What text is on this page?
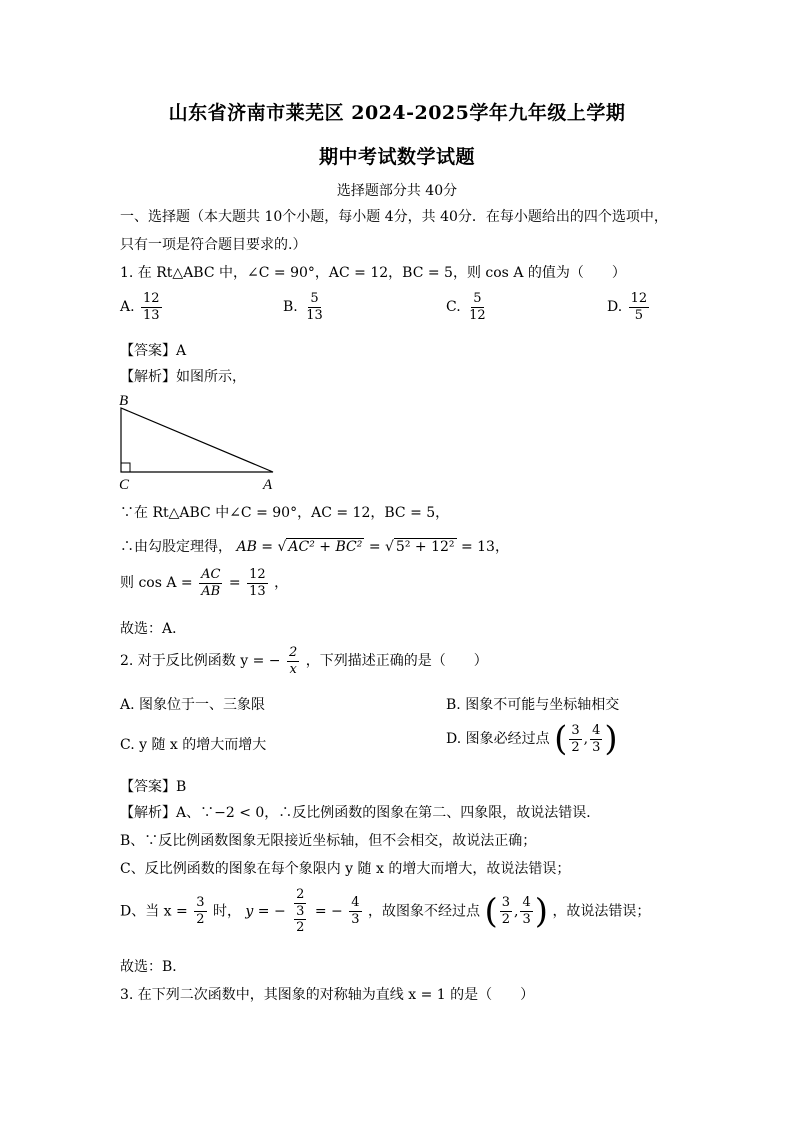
山东省济南市莱芜区 2024-2025学年九年级上学期
期中考试数学试题
选择题部分共 40分
一、选择题（本大题共 10个小题，每小题 4分，共 40分．在每小题给出的四个选项中，
只有一项是符合题目要求的.）
1. 在 Rt△ABC 中，∠C = 90°，AC = 12，BC = 5，则 cos A 的值为（　　）
A. $\frac{12}{13}$	B. $\frac{5}{13}$	C. $\frac{5}{12}$	D. $\frac{12}{5}$
【答案】A
【解析】如图所示，
B
C	A
∵在 Rt△ABC 中∠C = 90°，AC = 12，BC = 5，
∴由勾股定理得， AB = √ AC² + BC² = √ 5² + 12² = 13，
则 $\cos A = \frac{AC}{AB} = \frac{12}{13}$ ，
故选：A．
2. 对于反比例函数 y = − $\frac{2}{x}$ ，下列描述正确的是（　　）
A. 图象位于一、三象限	B. 图象不可能与坐标轴相交
C. y 随 x 的增大而增大	D. 图象必经过点 ( $\frac{3}{2}$ , $\frac{4}{3}$ )
【答案】B
【解析】A、∵−2 < 0，∴反比例函数的图象在第二、四象限，故说法错误．
B、∵反比例函数图象无限接近坐标轴，但不会相交，故说法正确；
C、反比例函数的图象在每个象限内 y 随 x 的增大而增大，故说法错误；
D、当 $x = \frac{3}{2}$ 时， y = − $\frac{2}{\frac{3}{2}}$ = − $\frac{4}{3}$ ，故图象不经过点 ( $\frac{3}{2}$ , $\frac{4}{3}$ ) ，故说法错误；
故选：B．
3. 在下列二次函数中，其图象的对称轴为直线 x = 1 的是（　　）
